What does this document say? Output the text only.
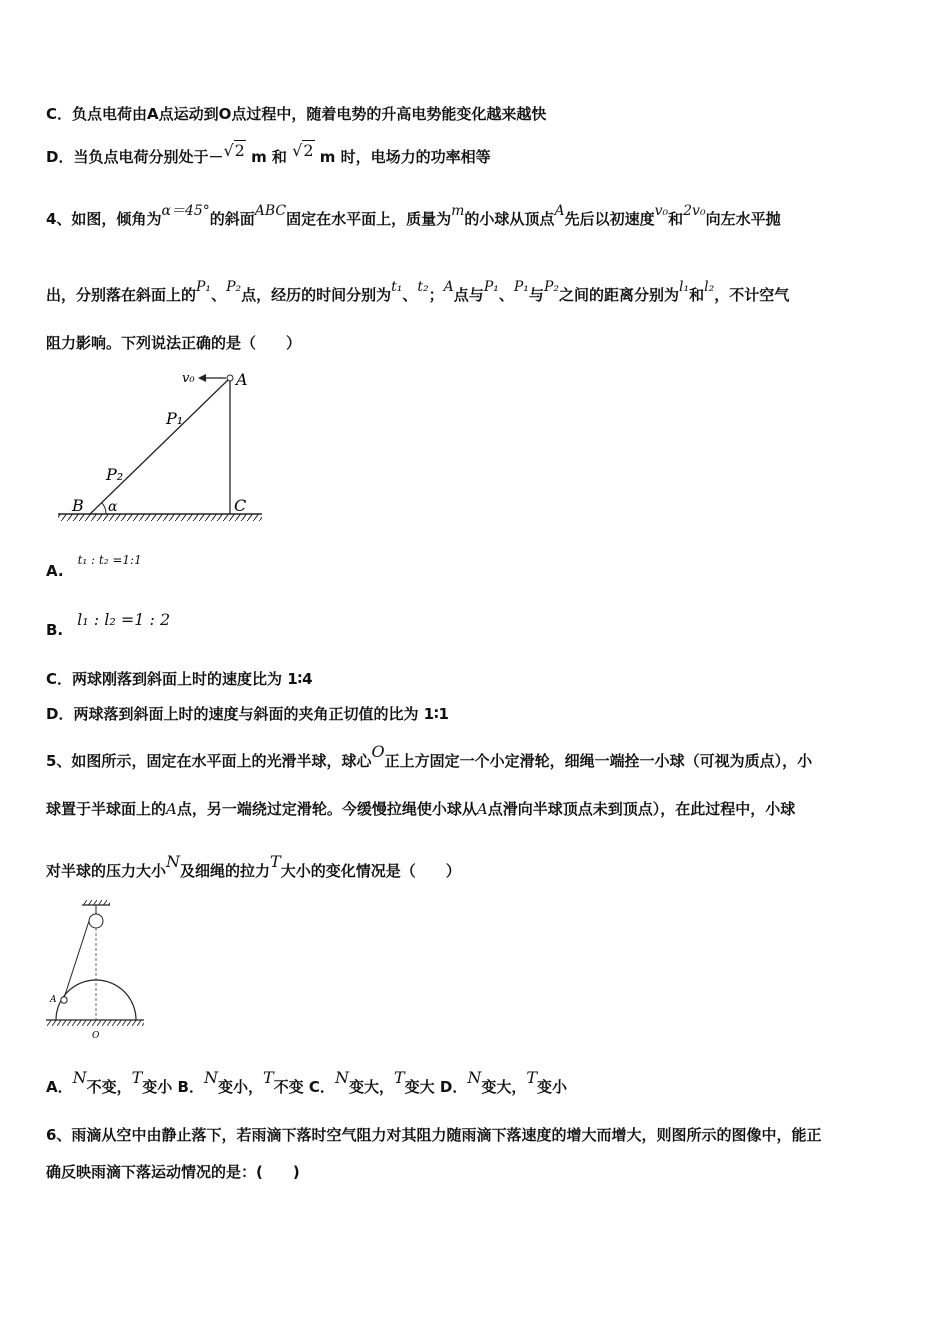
C．负点电荷由A点运动到O点过程中，随着电势的升高电势能变化越来越快
D．当负点电荷分别处于－√2 m 和 √2 m 时，电场力的功率相等
4、如图，倾角为α＝45°的斜面ABC固定在水平面上，质量为m的小球从顶点A先后以初速度v₀和2v₀向左水平抛
出，分别落在斜面上的P₁、P₂点，经历的时间分别为t₁、t₂；A点与P₁、P₁与P₂之间的距离分别为l₁和l₂，不计空气
阻力影响。下列说法正确的是（　　）
v₀	A
P₁
P₂
B α	C
A.$^{t_1 : t_2 =1:1}$
B.l₁ : l₂ =1 : 2
C．两球刚落到斜面上时的速度比为 1∶4
D．两球落到斜面上时的速度与斜面的夹角正切值的比为 1∶1
5、如图所示，固定在水平面上的光滑半球，球心O正上方固定一个小定滑轮，细绳一端拴一小球（可视为质点），小
球置于半球面上的A点，另一端绕过定滑轮。今缓慢拉绳使小球从A点滑向半球顶点未到顶点），在此过程中，小球
对半球的压力大小N及细绳的拉力T大小的变化情况是（　　）
A
O
A．N不变，T变小 B．N变小，T不变 C．N变大，T变大 D．N变大，T变小
6、雨滴从空中由静止落下，若雨滴下落时空气阻力对其阻力随雨滴下落速度的增大而增大，则图所示的图像中，能正
确反映雨滴下落运动情况的是：(　　)
